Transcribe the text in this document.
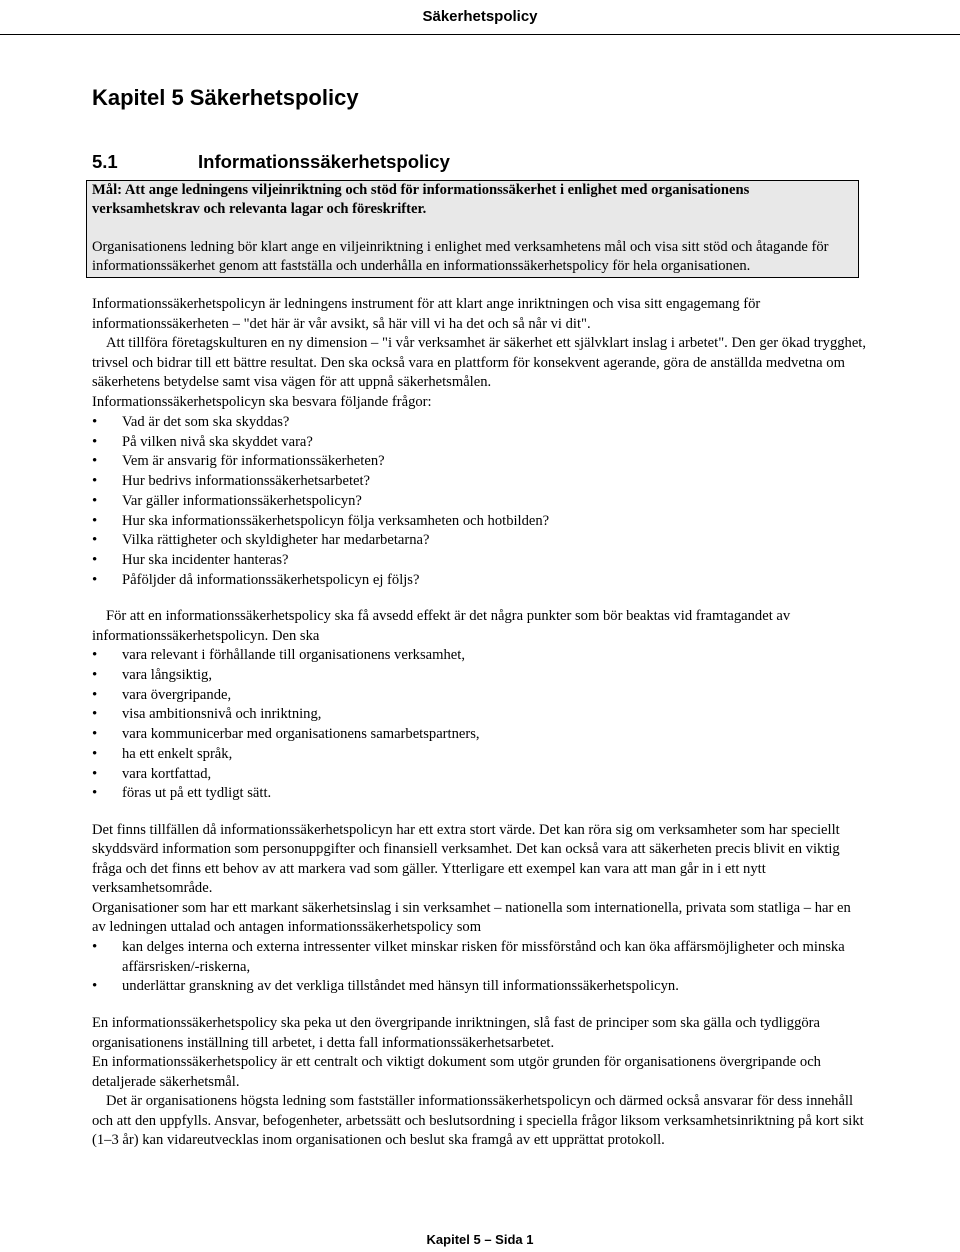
Säkerhetspolicy
Kapitel 5 Säkerhetspolicy
5.1	Informationssäkerhetspolicy

Mål: Att ange ledningens viljeinriktning och stöd för informationssäkerhet i enlighet med organisationens verksamhetskrav och relevanta lagar och föreskrifter.

Organisationens ledning bör klart ange en viljeinriktning i enlighet med verksamhetens mål och visa sitt stöd och åtagande för informationssäkerhet genom att fastställa och underhålla en informationssäkerhetspolicy för hela organisationen.

Informationssäkerhetspolicyn är ledningens instrument för att klart ange inriktningen och visa sitt engagemang för informationssäkerheten – "det här är vår avsikt, så här vill vi ha det och så når vi dit".

Att tillföra företagskulturen en ny dimension – "i vår verksamhet är säkerhet ett självklart inslag i arbetet". Den ger ökad trygghet, trivsel och bidrar till ett bättre resultat. Den ska också vara en plattform för konsekvent agerande, göra de anställda medvetna om säkerhetens betydelse samt visa vägen för att uppnå säkerhetsmålen.

Informationssäkerhetspolicyn ska besvara följande frågor:

• Vad är det som ska skyddas?
• På vilken nivå ska skyddet vara?
• Vem är ansvarig för informationssäkerheten?
• Hur bedrivs informationssäkerhetsarbetet?
• Var gäller informationssäkerhetspolicyn?
• Hur ska informationssäkerhetspolicyn följa verksamheten och hotbilden?
• Vilka rättigheter och skyldigheter har medarbetarna?
• Hur ska incidenter hanteras?
• Påföljder då informationssäkerhetspolicyn ej följs?

För att en informationssäkerhetspolicy ska få avsedd effekt är det några punkter som bör beaktas vid framtagandet av informationssäkerhetspolicyn. Den ska

• vara relevant i förhållande till organisationens verksamhet,
• vara långsiktig,
• vara övergripande,
• visa ambitionsnivå och inriktning,
• vara kommunicerbar med organisationens samarbetspartners,
• ha ett enkelt språk,
• vara kortfattad,
• föras ut på ett tydligt sätt.

Det finns tillfällen då informationssäkerhetspolicyn har ett extra stort värde. Det kan röra sig om verksamheter som har speciellt skyddsvärd information som personuppgifter och finansiell verksamhet. Det kan också vara att säkerheten precis blivit en viktig fråga och det finns ett behov av att markera vad som gäller. Ytterligare ett exempel kan vara att man går in i ett nytt verksamhetsområde.

Organisationer som har ett markant säkerhetsinslag i sin verksamhet – nationella som internationella, privata som statliga – har en av ledningen uttalad och antagen informationssäkerhetspolicy som

• kan delges interna och externa intressenter vilket minskar risken för missförstånd och kan öka affärsmöjligheter och minska affärsrisken/-riskerna,
• underlättar granskning av det verkliga tillståndet med hänsyn till informationssäkerhetspolicyn.

En informationssäkerhetspolicy ska peka ut den övergripande inriktningen, slå fast de principer som ska gälla och tydliggöra organisationens inställning till arbetet, i detta fall informationssäkerhetsarbetet.

En informationssäkerhetspolicy är ett centralt och viktigt dokument som utgör grunden för organisationens övergripande och detaljerade säkerhetsmål.

Det är organisationens högsta ledning som fastställer informationssäkerhetspolicyn och därmed också ansvarar för dess innehåll och att den uppfylls. Ansvar, befogenheter, arbetssätt och beslutsordning i speciella frågor liksom verksamhetsinriktning på kort sikt (1–3 år) kan vidareutvecklas inom organisationen och beslut ska framgå av ett upprättat protokoll.

Kapitel 5 – Sida 1
